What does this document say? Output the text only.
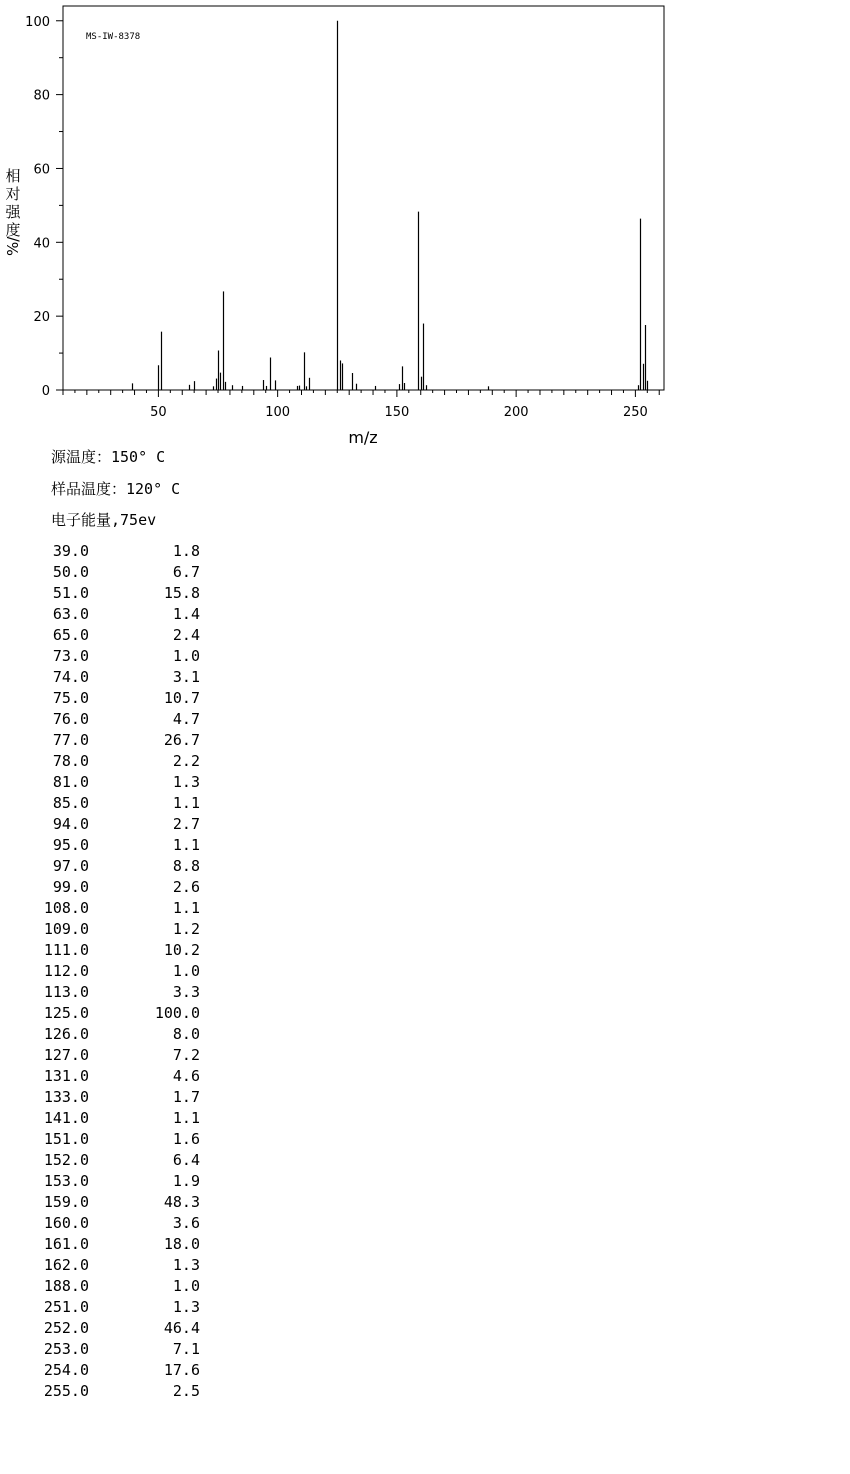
50	100	150	200	250
0
20
40
60
80
100
MS-IW-8378
m/z
相
对
强
度
%/
源温度：150° C
样品温度：120° C
电子能量,75ev
39.0	1.8
50.0	6.7
51.0	15.8
63.0	1.4
65.0	2.4
73.0	1.0
74.0	3.1
75.0	10.7
76.0	4.7
77.0	26.7
78.0	2.2
81.0	1.3
85.0	1.1
94.0	2.7
95.0	1.1
97.0	8.8
99.0	2.6
108.0	1.1
109.0	1.2
111.0	10.2
112.0	1.0
113.0	3.3
125.0	100.0
126.0	8.0
127.0	7.2
131.0	4.6
133.0	1.7
141.0	1.1
151.0	1.6
152.0	6.4
153.0	1.9
159.0	48.3
160.0	3.6
161.0	18.0
162.0	1.3
188.0	1.0
251.0	1.3
252.0	46.4
253.0	7.1
254.0	17.6
255.0	2.5
